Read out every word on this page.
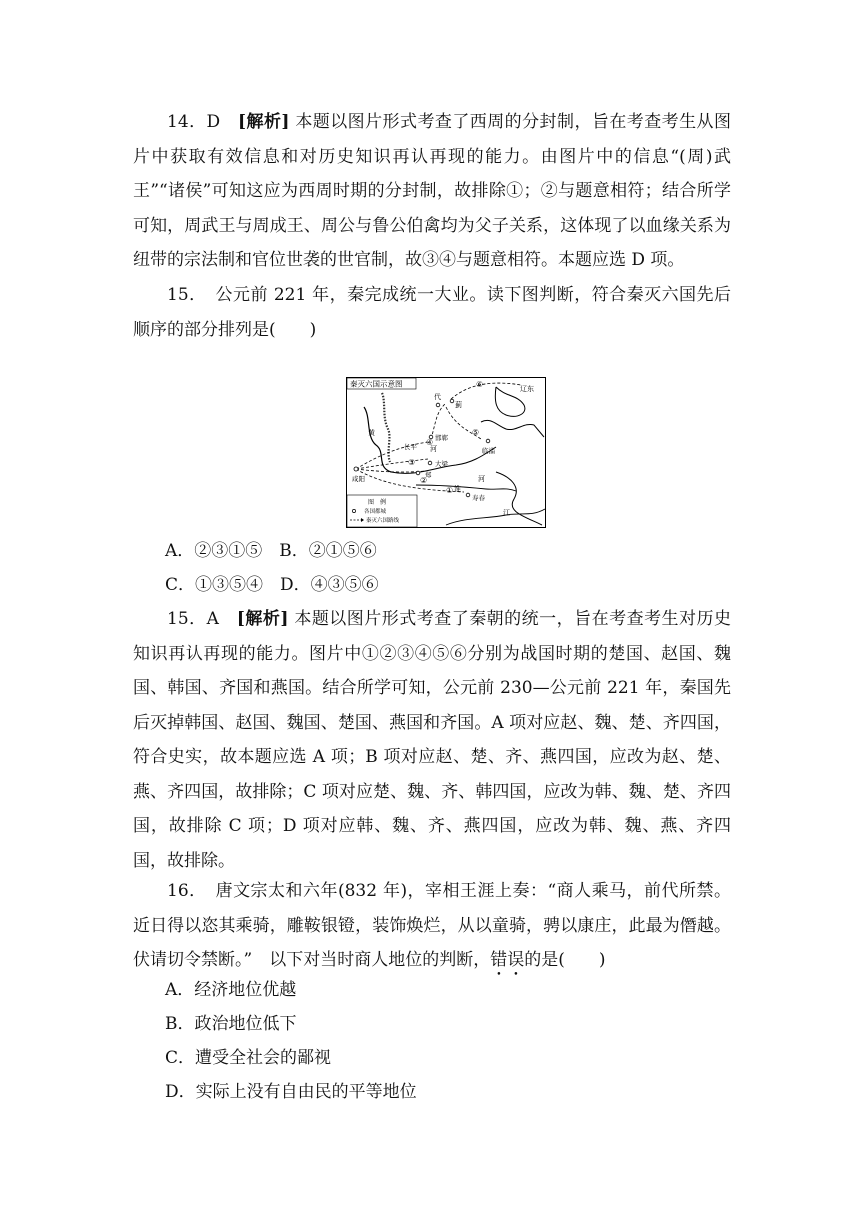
14．D　 [解析] 本题以图片形式考查了西周的分封制，旨在考查考生从图片中获取有效信息和对历史知识再认再现的能力。由图片中的信息“(周)武王”“诸侯”可知这应为西周时期的分封制，故排除①；②与题意相符；结合所学可知，周武王与周成王、周公与鲁公伯禽均为父子关系，这体现了以血缘关系为纽带的宗法制和官位世袭的世官制，故③④与题意相符。本题应选 D 项。

15．　公元前 221 年，秦完成统一大业。读下图判断，符合秦灭六国先后顺序的部分排列是(　　)

秦灭六国示意图
黄
河
代
蓟
辽东
长平
邯郸
临淄
咸阳
大梁
郑
淮
寿春
江
河
①
②
③
④
⑤
⑥
图　例
各国都城
秦灭六国路线

A．②③①⑤　B．②①⑤⑥

C．①③⑤④　D．④③⑤⑥

15．A　 [解析] 本题以图片形式考查了秦朝的统一，旨在考查考生对历史知识再认再现的能力。图片中①②③④⑤⑥分别为战国时期的楚国、赵国、魏国、韩国、齐国和燕国。结合所学可知，公元前 230—公元前 221 年，秦国先后灭掉韩国、赵国、魏国、楚国、燕国和齐国。A 项对应赵、魏、楚、齐四国，符合史实，故本题应选 A 项；B 项对应赵、楚、齐、燕四国，应改为赵、楚、燕、齐四国，故排除；C 项对应楚、魏、齐、韩四国，应改为韩、魏、楚、齐四国，故排除 C 项；D 项对应韩、魏、齐、燕四国，应改为韩、魏、燕、齐四国，故排除。

16．　唐文宗太和六年(832 年)，宰相王涯上奏：“商人乘马，前代所禁。近日得以恣其乘骑，雕鞍银镫，装饰焕烂，从以童骑，骋以康庄，此最为僭越。伏请切令禁断。”　以下对当时商人地位的判断，错误的是(　　)

A．经济地位优越

B．政治地位低下

C．遭受全社会的鄙视

D．实际上没有自由民的平等地位
